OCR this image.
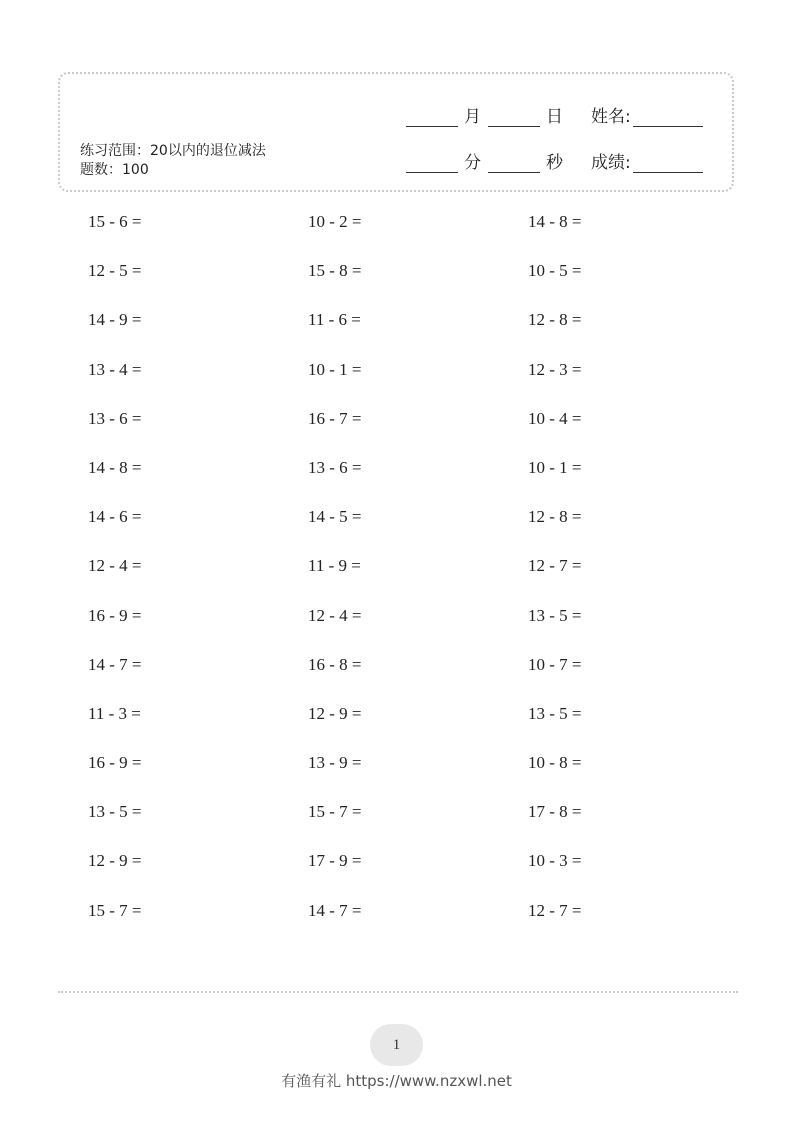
练习范围：20以内的退位减法 题数：100
月	日 姓名:
分	秒 成绩:
15 - 6 =	10 - 2 =	14 - 8 =
12 - 5 =	15 - 8 =	10 - 5 =
14 - 9 =	11 - 6 =	12 - 8 =
13 - 4 =	10 - 1 =	12 - 3 =
13 - 6 =	16 - 7 =	10 - 4 =
14 - 8 =	13 - 6 =	10 - 1 =
14 - 6 =	14 - 5 =	12 - 8 =
12 - 4 =	11 - 9 =	12 - 7 =
16 - 9 =	12 - 4 =	13 - 5 =
14 - 7 =	16 - 8 =	10 - 7 =
11 - 3 =	12 - 9 =	13 - 5 =
16 - 9 =	13 - 9 =	10 - 8 =
13 - 5 =	15 - 7 =	17 - 8 =
12 - 9 =	17 - 9 =	10 - 3 =
15 - 7 =	14 - 7 =	12 - 7 =
1
有渔有礼 https://www.nzxwl.net
